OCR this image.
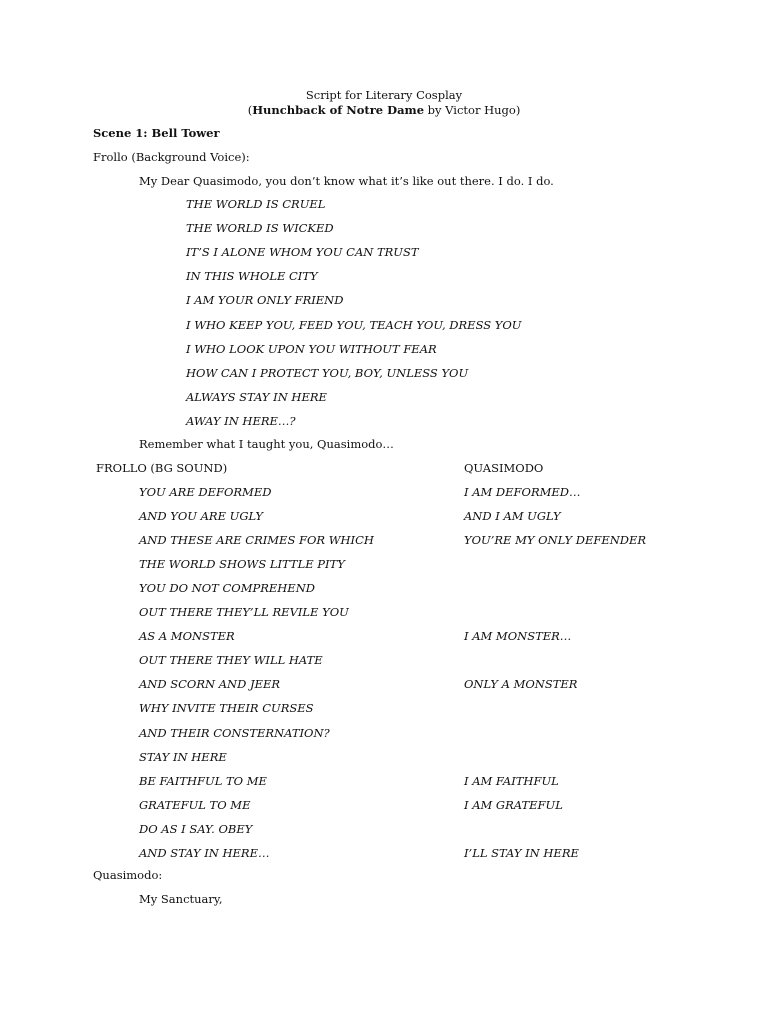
Script for Literary Cosplay
(Hunchback of Notre Dame by Victor Hugo)
Scene 1: Bell Tower
Frollo (Background Voice):
My Dear Quasimodo, you don’t know what it’s like out there. I do. I do.
THE WORLD IS CRUEL
THE WORLD IS WICKED
IT’S I ALONE WHOM YOU CAN TRUST
IN THIS WHOLE CITY
I AM YOUR ONLY FRIEND
I WHO KEEP YOU, FEED YOU, TEACH YOU, DRESS YOU
I WHO LOOK UPON YOU WITHOUT FEAR
HOW CAN I PROTECT YOU, BOY, UNLESS YOU
ALWAYS STAY IN HERE
AWAY IN HERE…?
Remember what I taught you, Quasimodo…
FROLLO (BG SOUND)	QUASIMODO
YOU ARE DEFORMED	I AM DEFORMED…
AND YOU ARE UGLY	AND I AM UGLY
AND THESE ARE CRIMES FOR WHICH	YOU’RE MY ONLY DEFENDER
THE WORLD SHOWS LITTLE PITY
YOU DO NOT COMPREHEND
OUT THERE THEY’LL REVILE YOU
AS A MONSTER	I AM MONSTER…
OUT THERE THEY WILL HATE
AND SCORN AND JEER	ONLY A MONSTER
WHY INVITE THEIR CURSES
AND THEIR CONSTERNATION?
STAY IN HERE
BE FAITHFUL TO ME	I AM FAITHFUL
GRATEFUL TO ME	I AM GRATEFUL
DO AS I SAY. OBEY
AND STAY IN HERE…	I’LL STAY IN HERE
Quasimodo:
My Sanctuary,
